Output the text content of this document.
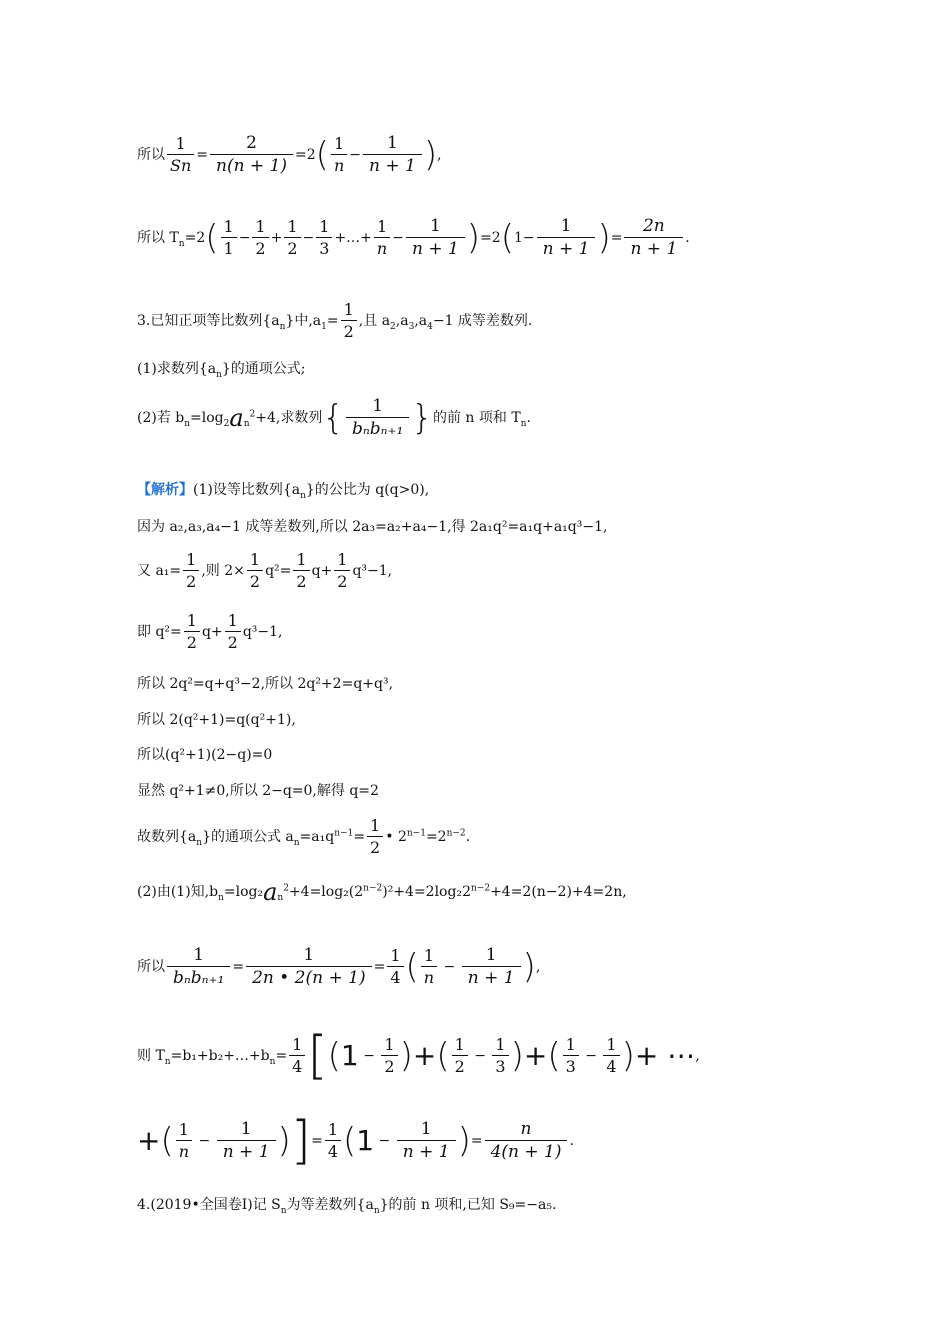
所以 $\frac{1}{Sn} = \frac{2}{n(n + 1)} =2( \frac{1}{n} - \frac{1}{n + 1}$ ),
所以 $T_n=2( \frac{1}{1} - \frac{1}{2} + \frac{1}{2} - \frac{1}{3}$ +…+ $\frac{1}{n} - \frac{1}{n + 1} )=2(1- \frac{1}{n + 1}$ )= $\frac{2n}{n + 1}$ .
3.已知正项等比数列$\{a_n\}$中$,a_1= \frac{1}{2}$ ,且 $a_2,a_3,a_4-1$ 成等差数列.
(1)求数列$\{a_n\}$的通项公式;
(2)若 $b_n=\log_2a_n^2+4$,求数列{	1
bₙbₙ₊₁ }的前 n 项和 $T_n$.
【解析】(1)设等比数列$\{a_n\}$的公比为 q(q>0),
因为 a₂,a₃,a₄−1 成等差数列,所以 2a₃=a₂+a₄−1,得 2a₁q²=a₁q+a₁q³−1,
又 $a_1= \frac{1}{2}$ ,则 $2\times \frac{1}{2} q^2= \frac{1}{2} q+ \frac{1}{2} q^3-1$,
即 $q^2= \frac{1}{2} q+ \frac{1}{2} q^3-1$,
所以 2q²=q+q³−2,所以 2q²+2=q+q³,
所以 2(q²+1)=q(q²+1),
所以(q²+1)(2−q)=0
显然 q²+1≠0,所以 2−q=0,解得 q=2
故数列$\{a_n\}$的通项公式 $a_n=a_1q^{n-1}= \frac{1}{2}$ • $2^{n-1}=2^{n-2}$.
(2)由(1)知$,b_n=\log_2a_n^2+4=\log_2(2^{n-2})^2+4=2\log_22^{n-2}+4=2(n-2)+4=2n$,
所以
1
bₙbₙ₊₁
= $\frac{1}{2n • 2(n + 1)} = \frac{1}{4}$ ( $\frac{1}{n} - \frac{1}{n + 1}$ ),
则 $T_n=b_1+b_2+\dots+b_n= \frac{1}{4} [(1 - \frac{1}{2}$ )+( $\frac{1}{2} - \frac{1}{3}$ )+( $\frac{1}{3} - \frac{1}{4}$ )+ ⋯,
+( $\frac{1}{n} - \frac{1}{n + 1}$ )]= $\frac{1}{4} (1 - \frac{1}{n + 1}$ )= $\frac{n}{4(n + 1)}$ .
4.(2019•全国卷Ⅰ)记 $S_n$为等差数列$\{a_n\}$的前 n 项和,已知 S₉=−a₅.
